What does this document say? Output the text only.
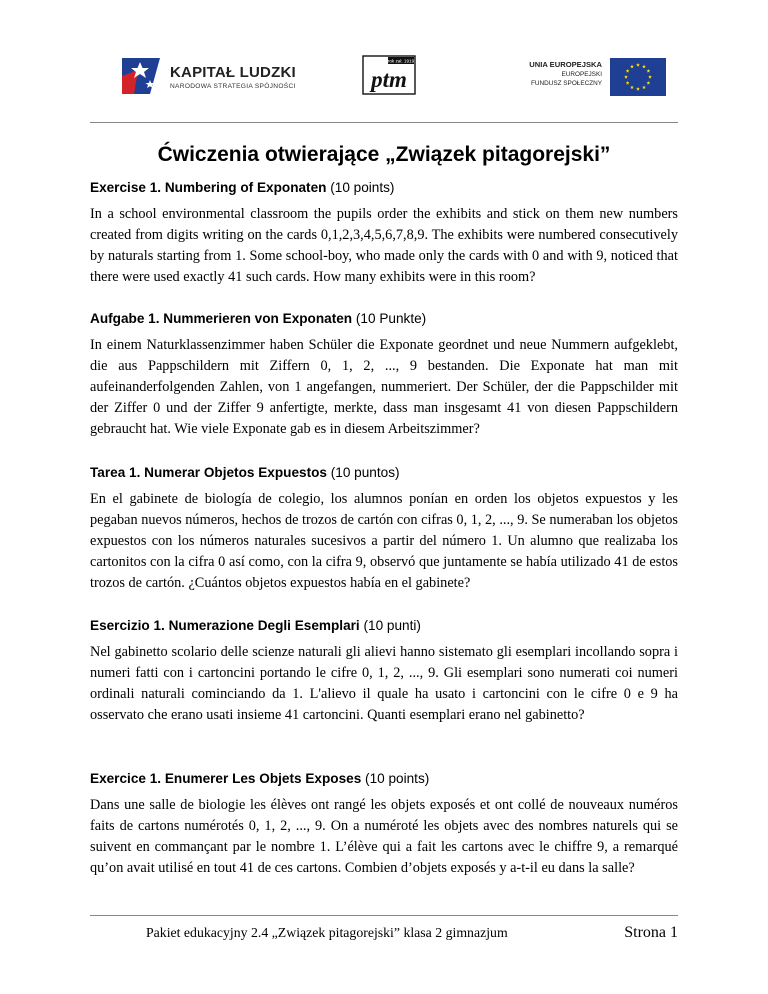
KAPITAŁ LUDZKI
NARODOWA STRATEGIA SPÓJNOŚCI
rok zał. 1919
ptm
UNIA EUROPEJSKA
EUROPEJSKI
FUNDUSZ SPOŁECZNY
Ćwiczenia otwierające „Związek pitagorejski”
Exercise 1. Numbering of Exponaten (10 points)
In a school environmental classroom the pupils order the exhibits and stick on them new numbers created from digits writing on the cards 0,1,2,3,4,5,6,7,8,9. The exhibits were numbered consecutively by naturals starting from 1. Some school-boy, who made only the cards with 0 and with 9, noticed that there were used exactly 41 such cards. How many exhibits were in this room?
Aufgabe 1. Nummerieren von Exponaten (10 Punkte)
In einem Naturklassenzimmer haben Schüler die Exponate geordnet und neue Nummern aufgeklebt, die aus Pappschildern mit Ziffern 0, 1, 2, ..., 9 bestanden. Die Exponate hat man mit aufeinanderfolgenden Zahlen, von 1 angefangen, nummeriert. Der Schüler, der die Pappschilder mit der Ziffer 0 und der Ziffer 9 anfertigte, merkte, dass man insgesamt 41 von diesen Pappschildern gebraucht hat. Wie viele Exponate gab es in diesem Arbeitszimmer?
Tarea 1. Numerar Objetos Expuestos (10 puntos)
En el gabinete de biología de colegio, los alumnos ponían en orden los objetos expuestos y les pegaban nuevos números, hechos de trozos de cartón con cifras 0, 1, 2, ..., 9. Se numeraban los objetos expuestos con los números naturales sucesivos a partir del número 1. Un alumno que realizaba los cartonitos con la cifra 0 así como, con la cifra 9, observó que juntamente se había utilizado 41 de estos trozos de cartón. ¿Cuántos objetos expuestos había en el gabinete?
Esercizio 1. Numerazione Degli Esemplari (10 punti)
Nel gabinetto scolario delle scienze naturali gli alievi hanno sistemato gli esemplari incollando sopra i numeri fatti con i cartoncini portando le cifre 0, 1, 2, ..., 9. Gli esemplari sono numerati coi numeri ordinali naturali cominciando da 1. L'alievo il quale ha usato i cartoncini con le cifre 0 e 9 ha osservato che erano usati insieme 41 cartoncini. Quanti esemplari erano nel gabinetto?
Exercice 1. Enumerer Les Objets Exposes (10 points)
Dans une salle de biologie les élèves ont rangé les objets exposés et ont collé de nouveaux numéros faits de cartons numérotés 0, 1, 2, ..., 9. On a numéroté les objets avec des nombres naturels qui se suivent en commançant par le nombre 1. L’élève qui a fait les cartons avec le chiffre 9, a remarqué qu’on avait utilisé en tout 41 de ces cartons. Combien d’objets exposés y a-t-il eu dans la salle?
Pakiet edukacyjny 2.4 „Związek pitagorejski” klasa 2 gimnazjum	Strona 1
